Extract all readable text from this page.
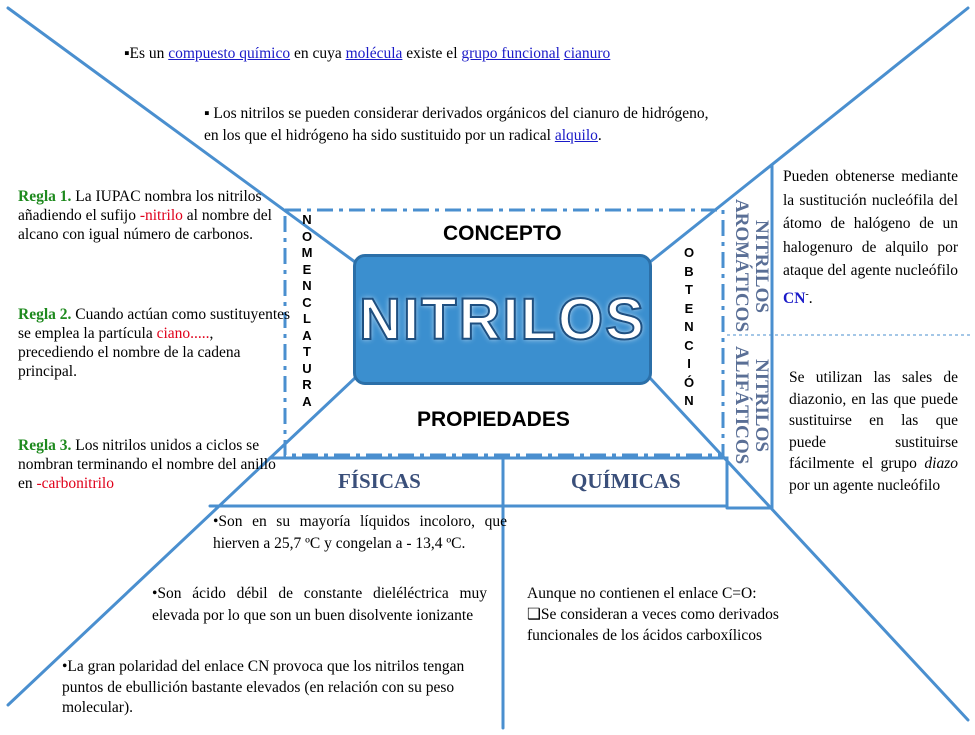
▪Es un compuesto químico en cuya molécula existe el grupo funcional cianuro
▪ Los nitrilos se pueden considerar derivados orgánicos del cianuro de hidrógeno,
en los que el hidrógeno ha sido sustituido por un radical alquilo.
CONCEPTO
PROPIEDADES
FÍSICAS	QUÍMICAS
NITRILOS
N
O
M
E
N
C
L
A
T
U
R
A
O
B
T
E
N
C
I
Ó
N
NITRILOS
AROMÁTICOS
NITRILOS
ALIFÁTICOS
Regla 1. La IUPAC nombra los nitrilos añadiendo el sufijo -nitrilo al nombre del alcano con igual número de carbonos.
Regla 2. Cuando actúan como sustituyentes se emplea la partícula ciano....., precediendo el nombre de la cadena principal.
Regla 3. Los nitrilos unidos a ciclos se nombran terminando el nombre del anillo en -carbonitrilo
Pueden obtenerse mediante la sustitución nucleófila del átomo de halógeno de un halogenuro de alquilo por ataque del agente nucleófilo CN-.
Se utilizan las sales de diazonio, en las que puede sustituirse en las que puede sustituirse fácilmente el grupo diazo por un agente nucleófilo
•Son en su mayoría líquidos incoloro, que hierven a 25,7 ºC y congelan a - 13,4 ºC.
•Son ácido débil de constante dieléléctrica muy elevada por lo que son un buen disolvente ionizante
•La gran polaridad del enlace CN provoca que los nitrilos tengan puntos de ebullición bastante elevados (en relación con su peso molecular).
Aunque no contienen el enlace C=O:
❑Se consideran a veces como derivados funcionales de los ácidos carboxílicos
